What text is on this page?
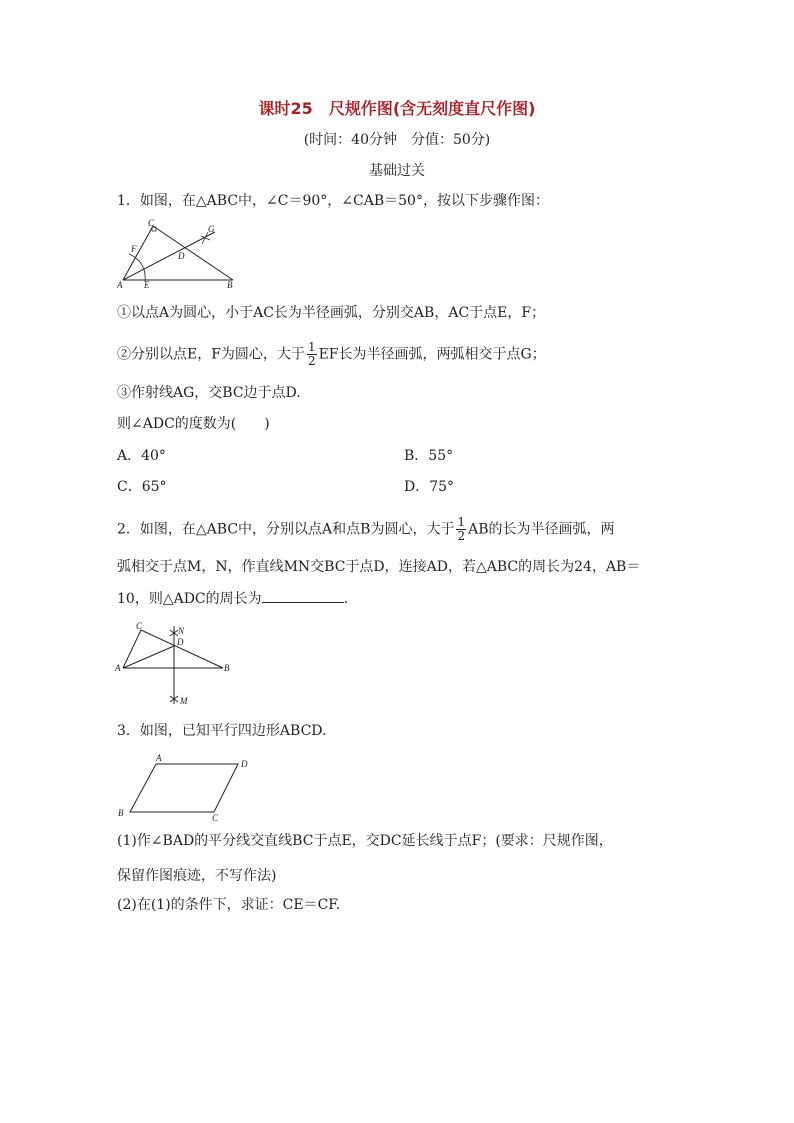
课时25　尺规作图(含无刻度直尺作图)
(时间：40分钟　分值：50分)
基础过关
1．如图，在△ABC中，∠C＝90°，∠CAB＝50°，按以下步骤作图：
A	B
C
D
E
F
G
①以点A为圆心，小于AC长为半径画弧，分别交AB，AC于点E，F；
②分别以点E，F为圆心，大于 $\frac{1}{2}$ EF长为半径画弧，两弧相交于点G；
③作射线AG，交BC边于点D.
则∠ADC的度数为(　　)
A．40°	B．55°
C．65°	D．75°
2．如图，在△ABC中，分别以点A和点B为圆心，大于 $\frac{1}{2}$ AB的长为半径画弧，两
弧相交于点M，N，作直线MN交BC于点D，连接AD，若△ABC的周长为24，AB＝
10，则△ADC的周长为	.
A	B
C
D
N
M
3．如图，已知平行四边形ABCD.
A
D
B	C
(1)作∠BAD的平分线交直线BC于点E，交DC延长线于点F；(要求：尺规作图，
保留作图痕迹，不写作法)
(2)在(1)的条件下，求证：CE＝CF.
